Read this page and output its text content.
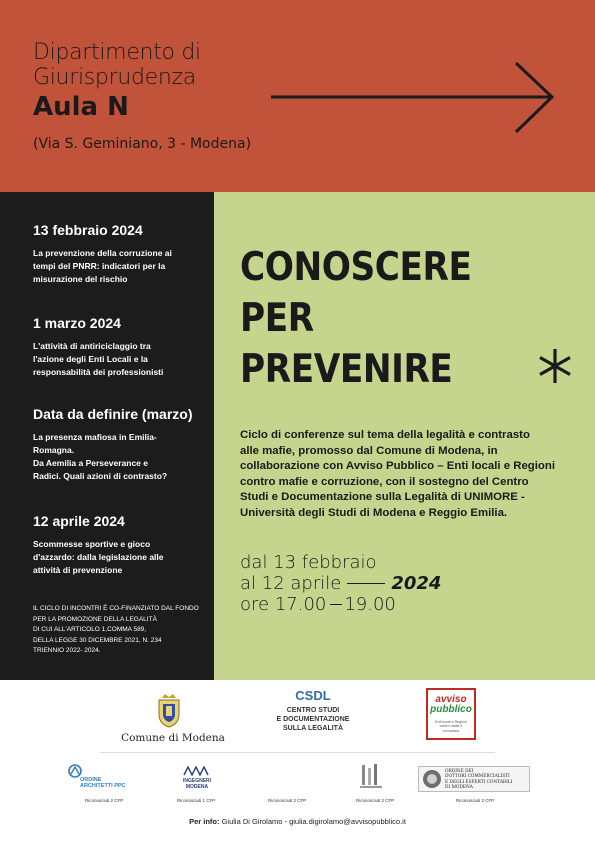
Dipartimento di
Giurisprudenza
Aula N
(Via S. Geminiano, 3 - Modena)
13 febbraio 2024
La prevenzione della corruzione ai
tempi del PNRR: indicatori per la
misurazione del rischio
1 marzo 2024
L'attività di antiriciclaggio tra
l'azione degli Enti Locali e la
responsabilità dei professionisti
Data da definire (marzo)
La presenza mafiosa in Emilia-
Romagna.
Da Aemilia a Perseverance e
Radici. Quali azioni di contrasto?
12 aprile 2024
Scommesse sportive e gioco
d'azzardo: dalla legislazione alle
attività di prevenzione
IL CICLO DI INCONTRI È CO-FINANZIATO DAL FONDO
PER LA PROMOZIONE DELLA LEGALITÀ
DI CUI ALL'ARTICOLO 1,COMMA 589,
DELLA LEGGE 30 DICEMBRE 2021, N. 234
TRIENNIO 2022- 2024.
CONOSCERE
PER
PREVENIRE
Ciclo di conferenze sul tema della legalità e contrasto
alle mafie, promosso dal Comune di Modena, in
collaborazione con Avviso Pubblico – Enti locali e Regioni
contro mafie e corruzione, con il sostegno del Centro
Studi e Documentazione sulla Legalità di UNIMORE -
Università degli Studi di Modena e Reggio Emilia.
dal 13 febbraio
al 12 aprile	2024
ore 17.00 19.00
Comune di Modena
CSDL
CENTRO STUDI
E DOCUMENTAZIONE
SULLA LEGALITÀ
avviso
pubblico
Enti locali e Regioni contro mafie e corruzione
ORDINE
ARCHITETTI PPC
Riconosciuti 2 CFP
INGEGNERI
MODENA
Riconosciuti 1 CFP	Riconosciuti 2 CFP	Riconosciuti 2 CFP
ORDINE DEI
DOTTORI COMMERCIALISTI
E DEGLI ESPERTI CONTABILI
DI MODENA
Riconosciuti 2 CFP
Per info: Giulia Di Girolamo - giulia.digirolamo@avvisopubblico.it
